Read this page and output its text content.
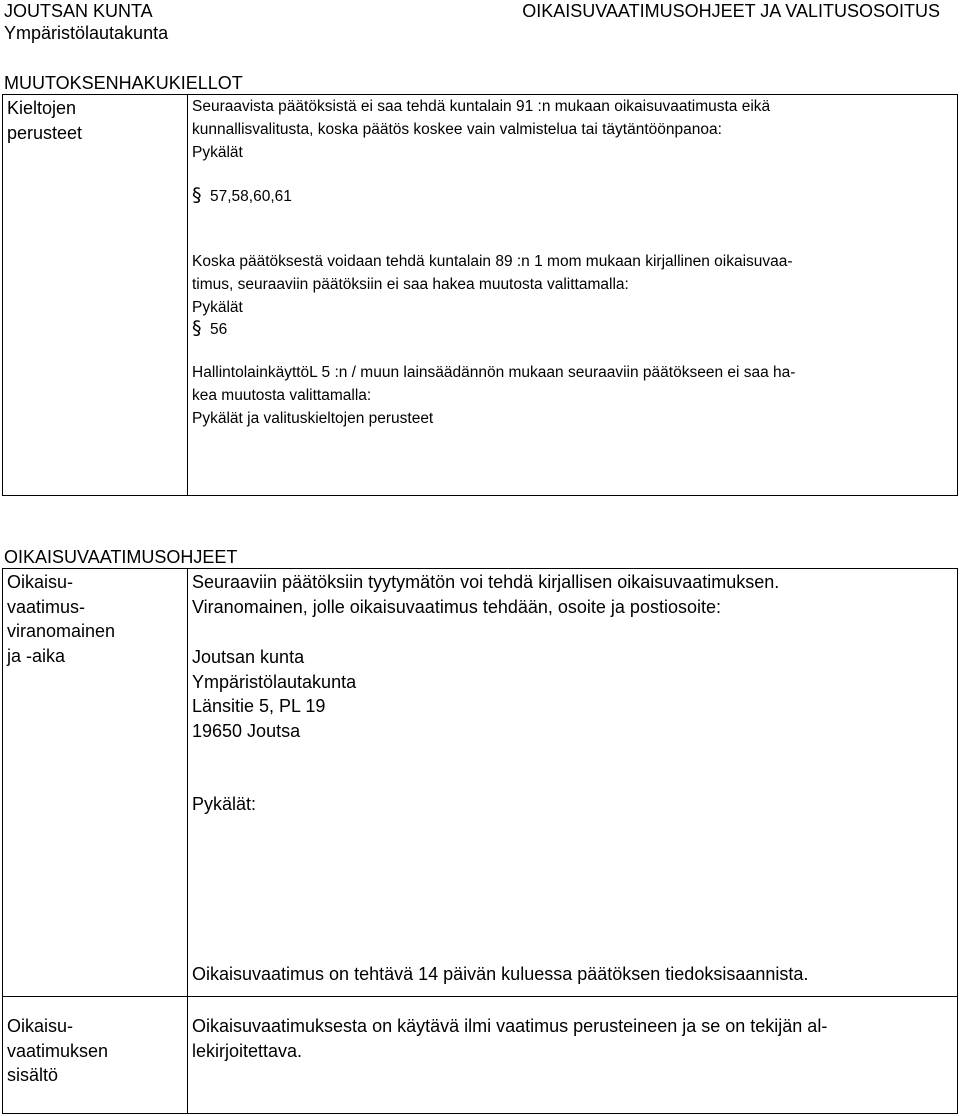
JOUTSAN KUNTA
Ympäristölautakunta
OIKAISUVAATIMUSOHJEET JA VALITUSOSOITUS
MUUTOKSENHAKUKIELLOT
Kieltojen
perusteet
Seuraavista päätöksistä ei saa tehdä kuntalain 91 :n mukaan oikaisuvaatimusta eikä
kunnallisvalitusta, koska päätös koskee vain valmistelua tai täytäntöönpanoa:
Pykälät
§ 57,58,60,61
Koska päätöksestä voidaan tehdä kuntalain 89 :n 1 mom mukaan kirjallinen oikaisuvaa-
timus, seuraaviin päätöksiin ei saa hakea muutosta valittamalla:
Pykälät
§ 56
HallintolainkäyttöL 5 :n / muun lainsäädännön mukaan seuraaviin päätökseen ei saa ha-
kea muutosta valittamalla:
Pykälät ja valituskieltojen perusteet
OIKAISUVAATIMUSOHJEET
Oikaisu-
vaatimus-
viranomainen
ja -aika
Seuraaviin päätöksiin tyytymätön voi tehdä kirjallisen oikaisuvaatimuksen.
Viranomainen, jolle oikaisuvaatimus tehdään, osoite ja postiosoite:
Joutsan kunta
Ympäristölautakunta
Länsitie 5, PL 19
19650 Joutsa
Pykälät:
Oikaisuvaatimus on tehtävä 14 päivän kuluessa päätöksen tiedoksisaannista.
Oikaisu-
vaatimuksen
sisältö
Oikaisuvaatimuksesta on käytävä ilmi vaatimus perusteineen ja se on tekijän al-
lekirjoitettava.
